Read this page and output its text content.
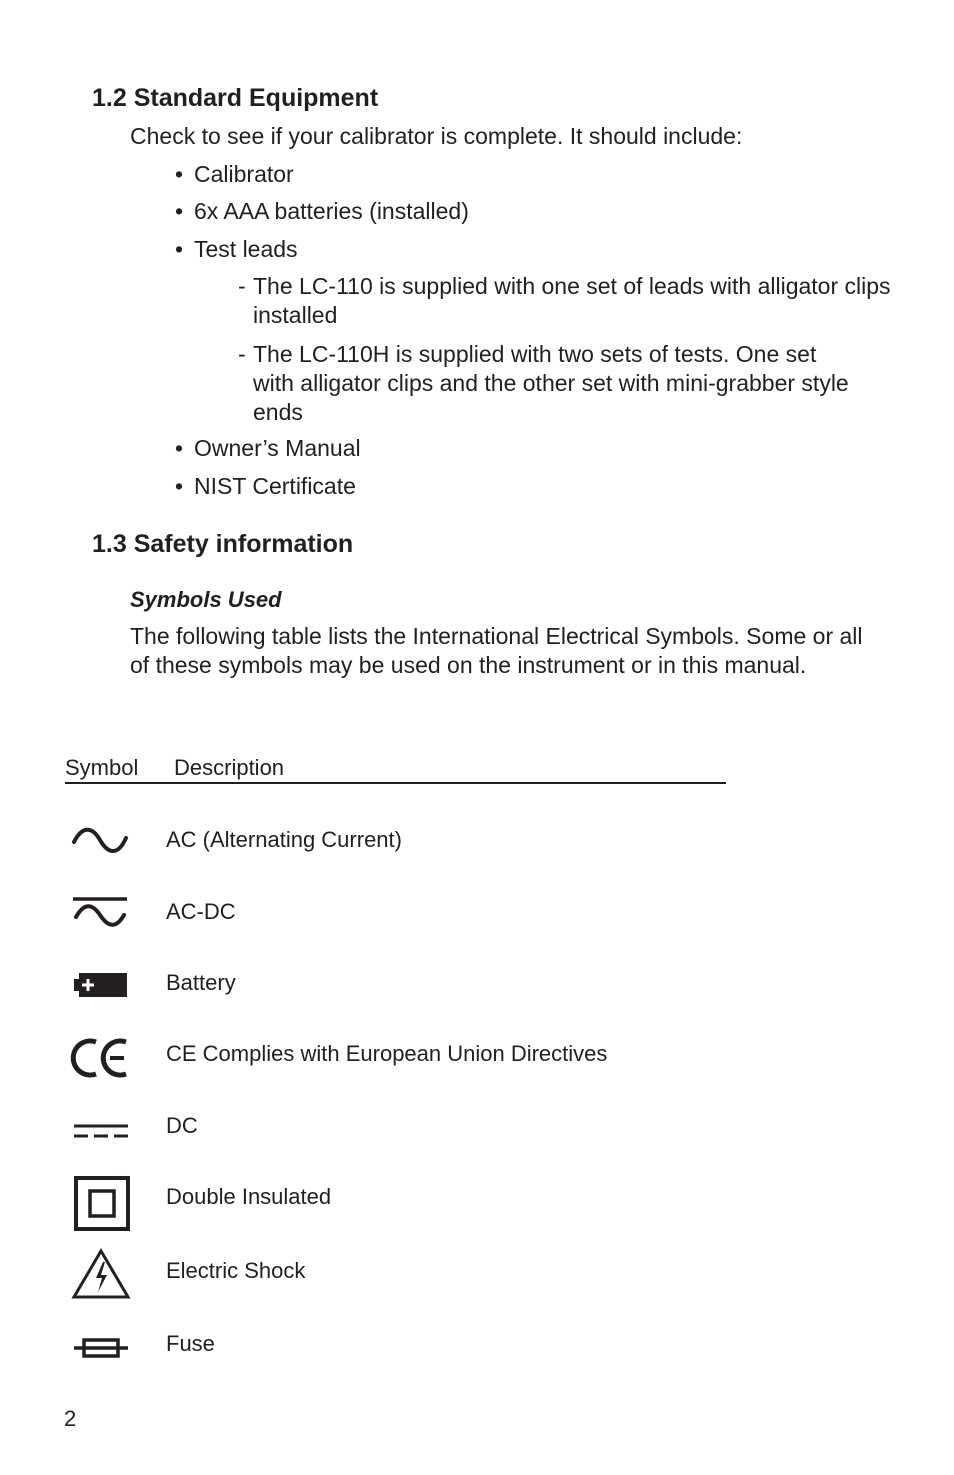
1.2 Standard Equipment
Check to see if your calibrator is complete. It should include:
• Calibrator
• 6x AAA batteries (installed)
• Test leads
- The LC-110 is supplied with one set of leads with alligator clips installed
- The LC-110H is supplied with two sets of tests. One set with alligator clips and the other set with mini-grabber style ends
• Owner’s Manual
• NIST Certificate
1.3 Safety information
Symbols Used
The following table lists the International Electrical Symbols. Some or all of these symbols may be used on the instrument or in this manual.
Symbol Description
AC (Alternating Current)
AC-DC
Battery
CE Complies with European Union Directives
DC
Double Insulated
Electric Shock
Fuse
2
